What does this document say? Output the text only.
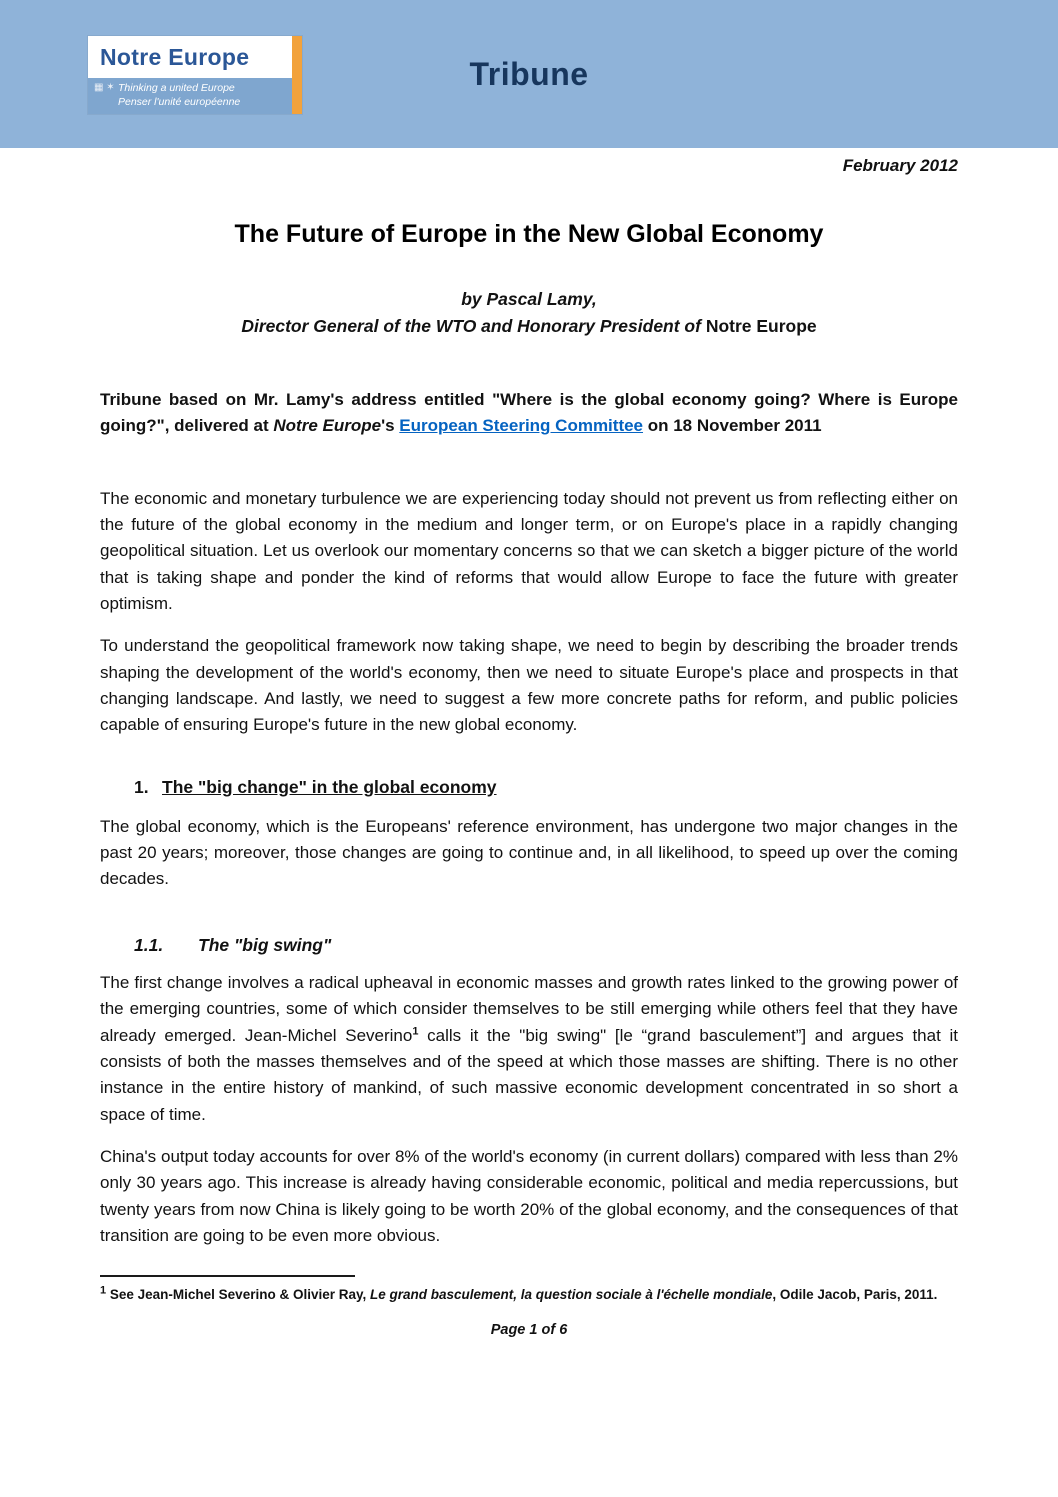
Notre Europe
▦ ✶ Thinking a united Europe
Penser l'unité européenne
Tribune
February 2012
The Future of Europe in the New Global Economy
by Pascal Lamy,
Director General of the WTO and Honorary President of Notre Europe

Tribune based on Mr. Lamy's address entitled "Where is the global economy going? Where is Europe going?", delivered at Notre Europe's European Steering Committee on 18 November 2011

The economic and monetary turbulence we are experiencing today should not prevent us from reflecting either on the future of the global economy in the medium and longer term, or on Europe's place in a rapidly changing geopolitical situation. Let us overlook our momentary concerns so that we can sketch a bigger picture of the world that is taking shape and ponder the kind of reforms that would allow Europe to face the future with greater optimism.

To understand the geopolitical framework now taking shape, we need to begin by describing the broader trends shaping the development of the world's economy, then we need to situate Europe's place and prospects in that changing landscape. And lastly, we need to suggest a few more concrete paths for reform, and public policies capable of ensuring Europe's future in the new global economy.

1. The "big change" in the global economy

The global economy, which is the Europeans' reference environment, has undergone two major changes in the past 20 years; moreover, those changes are going to continue and, in all likelihood, to speed up over the coming decades.

1.1. The "big swing"

The first change involves a radical upheaval in economic masses and growth rates linked to the growing power of the emerging countries, some of which consider themselves to be still emerging while others feel that they have already emerged. Jean-Michel Severino$^1$ calls it the "big swing" [le “grand basculement”] and argues that it consists of both the masses themselves and of the speed at which those masses are shifting. There is no other instance in the entire history of mankind, of such massive economic development concentrated in so short a space of time.

China's output today accounts for over 8% of the world's economy (in current dollars) compared with less than 2% only 30 years ago. This increase is already having considerable economic, political and media repercussions, but twenty years from now China is likely going to be worth 20% of the global economy, and the consequences of that transition are going to be even more obvious.

$^1$ See Jean-Michel Severino & Olivier Ray, Le grand basculement, la question sociale à l'échelle mondiale, Odile Jacob, Paris, 2011.
Page 1 of 6
